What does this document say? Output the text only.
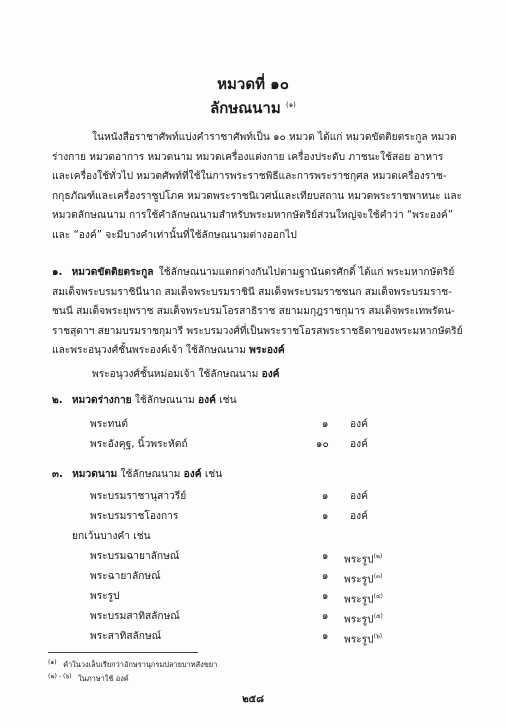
หมวดที่ ๑๐
ลักษณนาม $^{(๑)}$
ในหนังสือราชาศัพท์แบ่งคำราชาศัพท์เป็น ๑๐ หมวด ได้แก่ หมวดขัตติยตระกูล หมวด
ร่างกาย หมวดอาการ หมวดนาม หมวดเครื่องแต่งกาย เครื่องประดับ ภาชนะใช้สอย อาหาร
และเครื่องใช้ทั่วไป หมวดศัพท์ที่ใช้ในการพระราชพิธีและการพระราชกุศล หมวดเครื่องราช-
กกุธภัณฑ์และเครื่องราชูปโภค หมวดพระราชนิเวศน์และเทียบสถาน หมวดพระราชพาหนะ และ
หมวดลักษณนาม การใช้คำลักษณนามสำหรับพระมหากษัตริย์ส่วนใหญ่จะใช้คำว่า “พระองค์”
และ “องค์” จะมีบางคำเท่านั้นที่ใช้ลักษณนามต่างออกไป
๑. หมวดขัตติยตระกูล ใช้ลักษณนามแตกต่างกันไปตามฐานันดรศักดิ์ ได้แก่ พระมหากษัตริย์
สมเด็จพระบรมราชินีนาถ สมเด็จพระบรมราชินี สมเด็จพระบรมราชชนก สมเด็จพระบรมราช-
ชนนี สมเด็จพระยุพราช สมเด็จพระบรมโอรสาธิราช สยามมกุฎราชกุมาร สมเด็จพระเทพรัตน-
ราชสุดาฯ สยามบรมราชกุมารี พระบรมวงศ์ที่เป็นพระราชโอรสพระราชธิดาของพระมหากษัตริย์
และพระอนุวงศ์ชั้นพระองค์เจ้า ใช้ลักษณนาม พระองค์
พระอนุวงศ์ชั้นหม่อมเจ้า ใช้ลักษณนาม องค์
๒. หมวดร่างกาย ใช้ลักษณนาม องค์ เช่น
พระทนต์	๑ องค์
พระอังคุฐ, นิ้วพระหัตถ์	๑๐ องค์
๓. หมวดนาม ใช้ลักษณนาม องค์ เช่น
พระบรมราชานุสาวรีย์	๑ องค์
พระบรมราชโองการ	๑ องค์
ยกเว้นบางคำ เช่น
พระบรมฉายาลักษณ์	๑ พระรูป$^{(๒)}$
พระฉายาลักษณ์	๑ พระรูป$^{(๓)}$
พระรูป	๑ พระรูป$^{(๔)}$
พระบรมสาทิสลักษณ์	๑ พระรูป$^{(๕)}$
พระสาทิสลักษณ์	๑ พระรูป$^{(๖)}$
$^{(๑)}$ คำในวงเล็บเรียกว่าอักษรานุกรมปลายบาทสังขยา
$^{(๒) - (๖)}$ ในภาษาใช้ องค์
๒๕๘
